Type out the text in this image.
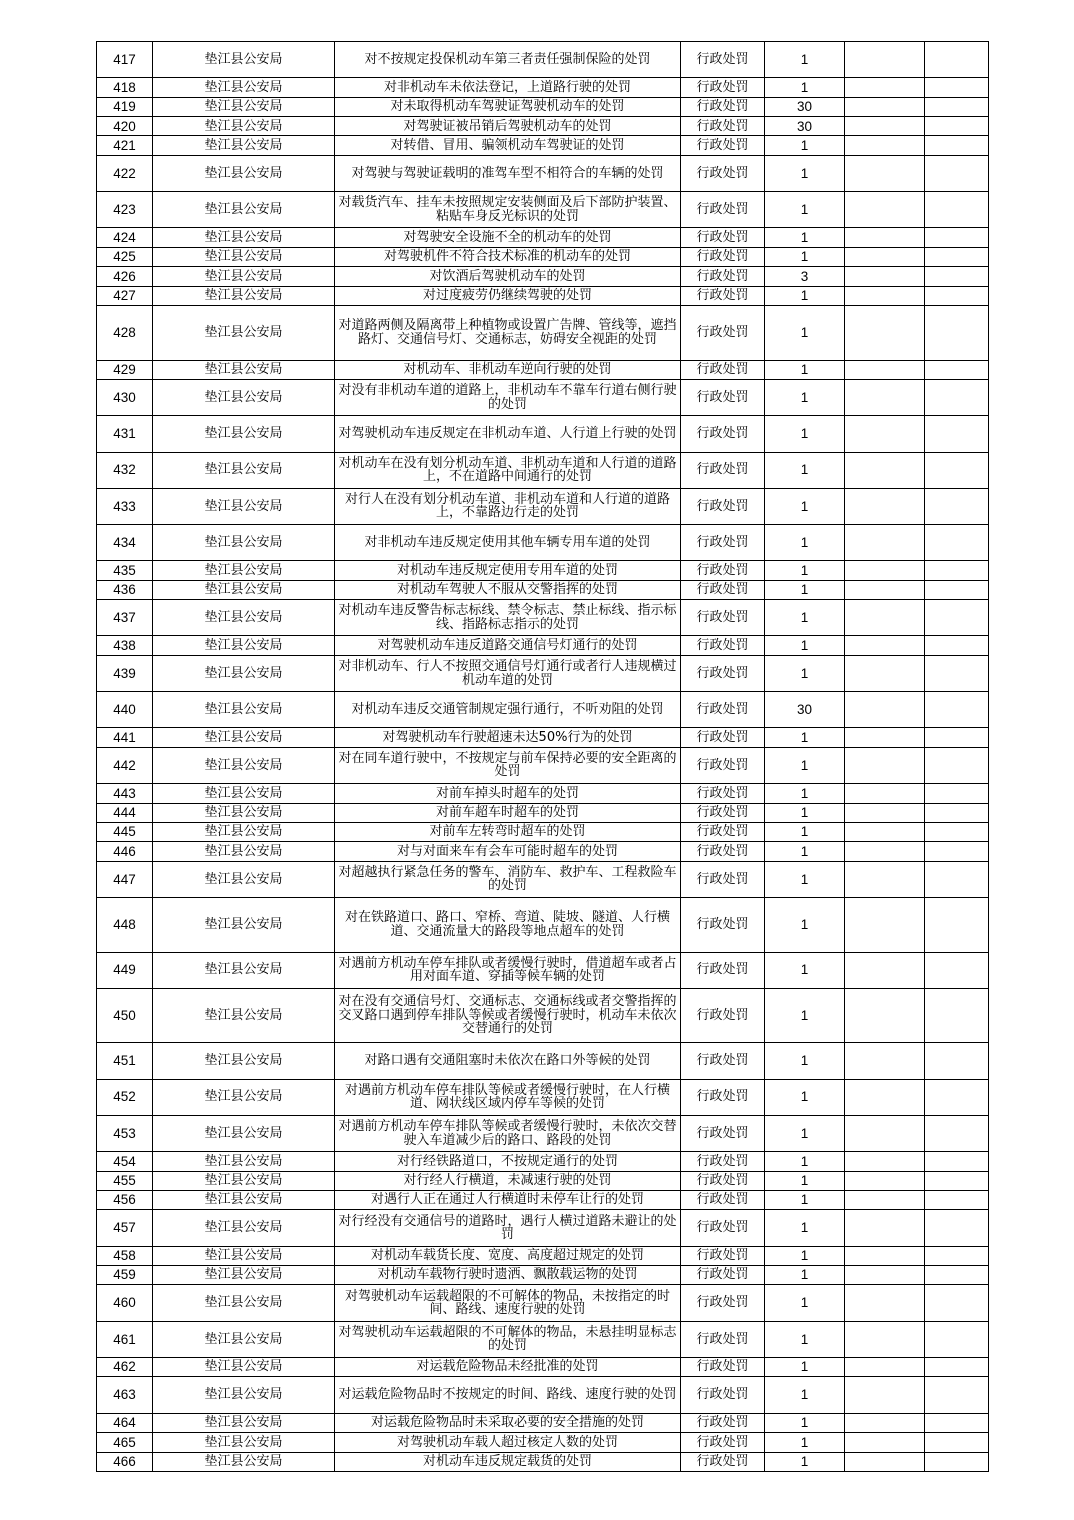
417	垫江县公安局	对不按规定投保机动车第三者责任强制保险的处罚	行政处罚	1		
418	垫江县公安局	对非机动车未依法登记，上道路行驶的处罚	行政处罚	1		
419	垫江县公安局	对未取得机动车驾驶证驾驶机动车的处罚	行政处罚	30		
420	垫江县公安局	对驾驶证被吊销后驾驶机动车的处罚	行政处罚	30		
421	垫江县公安局	对转借、冒用、骗领机动车驾驶证的处罚	行政处罚	1		
422	垫江县公安局	对驾驶与驾驶证载明的准驾车型不相符合的车辆的处罚	行政处罚	1		
423	垫江县公安局	对载货汽车、挂车未按照规定安装侧面及后下部防护装置、粘贴车身反光标识的处罚	行政处罚	1		
424	垫江县公安局	对驾驶安全设施不全的机动车的处罚	行政处罚	1		
425	垫江县公安局	对驾驶机件不符合技术标准的机动车的处罚	行政处罚	1		
426	垫江县公安局	对饮酒后驾驶机动车的处罚	行政处罚	3		
427	垫江县公安局	对过度疲劳仍继续驾驶的处罚	行政处罚	1		
428	垫江县公安局	对道路两侧及隔离带上种植物或设置广告牌、管线等，遮挡路灯、交通信号灯、交通标志，妨碍安全视距的处罚	行政处罚	1		
429	垫江县公安局	对机动车、非机动车逆向行驶的处罚	行政处罚	1		
430	垫江县公安局	对没有非机动车道的道路上，非机动车不靠车行道右侧行驶的处罚	行政处罚	1		
431	垫江县公安局	对驾驶机动车违反规定在非机动车道、人行道上行驶的处罚	行政处罚	1		
432	垫江县公安局	对机动车在没有划分机动车道、非机动车道和人行道的道路上，不在道路中间通行的处罚	行政处罚	1		
433	垫江县公安局	对行人在没有划分机动车道、非机动车道和人行道的道路上，不靠路边行走的处罚	行政处罚	1		
434	垫江县公安局	对非机动车违反规定使用其他车辆专用车道的处罚	行政处罚	1		
435	垫江县公安局	对机动车违反规定使用专用车道的处罚	行政处罚	1		
436	垫江县公安局	对机动车驾驶人不服从交警指挥的处罚	行政处罚	1		
437	垫江县公安局	对机动车违反警告标志标线、禁令标志、禁止标线、指示标线、指路标志指示的处罚	行政处罚	1		
438	垫江县公安局	对驾驶机动车违反道路交通信号灯通行的处罚	行政处罚	1		
439	垫江县公安局	对非机动车、行人不按照交通信号灯通行或者行人违规横过机动车道的处罚	行政处罚	1		
440	垫江县公安局	对机动车违反交通管制规定强行通行，不听劝阻的处罚	行政处罚	30		
441	垫江县公安局	对驾驶机动车行驶超速未达50%行为的处罚	行政处罚	1		
442	垫江县公安局	对在同车道行驶中，不按规定与前车保持必要的安全距离的处罚	行政处罚	1		
443	垫江县公安局	对前车掉头时超车的处罚	行政处罚	1		
444	垫江县公安局	对前车超车时超车的处罚	行政处罚	1		
445	垫江县公安局	对前车左转弯时超车的处罚	行政处罚	1		
446	垫江县公安局	对与对面来车有会车可能时超车的处罚	行政处罚	1		
447	垫江县公安局	对超越执行紧急任务的警车、消防车、救护车、工程救险车的处罚	行政处罚	1		
448	垫江县公安局	对在铁路道口、路口、窄桥、弯道、陡坡、隧道、人行横道、交通流量大的路段等地点超车的处罚	行政处罚	1		
449	垫江县公安局	对遇前方机动车停车排队或者缓慢行驶时，借道超车或者占用对面车道、穿插等候车辆的处罚	行政处罚	1		
450	垫江县公安局	对在没有交通信号灯、交通标志、交通标线或者交警指挥的交叉路口遇到停车排队等候或者缓慢行驶时，机动车未依次交替通行的处罚	行政处罚	1		
451	垫江县公安局	对路口遇有交通阻塞时未依次在路口外等候的处罚	行政处罚	1		
452	垫江县公安局	对遇前方机动车停车排队等候或者缓慢行驶时，在人行横道、网状线区域内停车等候的处罚	行政处罚	1		
453	垫江县公安局	对遇前方机动车停车排队等候或者缓慢行驶时，未依次交替驶入车道减少后的路口、路段的处罚	行政处罚	1		
454	垫江县公安局	对行经铁路道口，不按规定通行的处罚	行政处罚	1		
455	垫江县公安局	对行经人行横道，未减速行驶的处罚	行政处罚	1		
456	垫江县公安局	对遇行人正在通过人行横道时未停车让行的处罚	行政处罚	1		
457	垫江县公安局	对行经没有交通信号的道路时，遇行人横过道路未避让的处罚	行政处罚	1		
458	垫江县公安局	对机动车载货长度、宽度、高度超过规定的处罚	行政处罚	1		
459	垫江县公安局	对机动车载物行驶时遗洒、飘散载运物的处罚	行政处罚	1		
460	垫江县公安局	对驾驶机动车运载超限的不可解体的物品，未按指定的时间、路线、速度行驶的处罚	行政处罚	1		
461	垫江县公安局	对驾驶机动车运载超限的不可解体的物品，未悬挂明显标志的处罚	行政处罚	1		
462	垫江县公安局	对运载危险物品未经批准的处罚	行政处罚	1		
463	垫江县公安局	对运载危险物品时不按规定的时间、路线、速度行驶的处罚	行政处罚	1		
464	垫江县公安局	对运载危险物品时未采取必要的安全措施的处罚	行政处罚	1		
465	垫江县公安局	对驾驶机动车载人超过核定人数的处罚	行政处罚	1		
466	垫江县公安局	对机动车违反规定载货的处罚	行政处罚	1		
